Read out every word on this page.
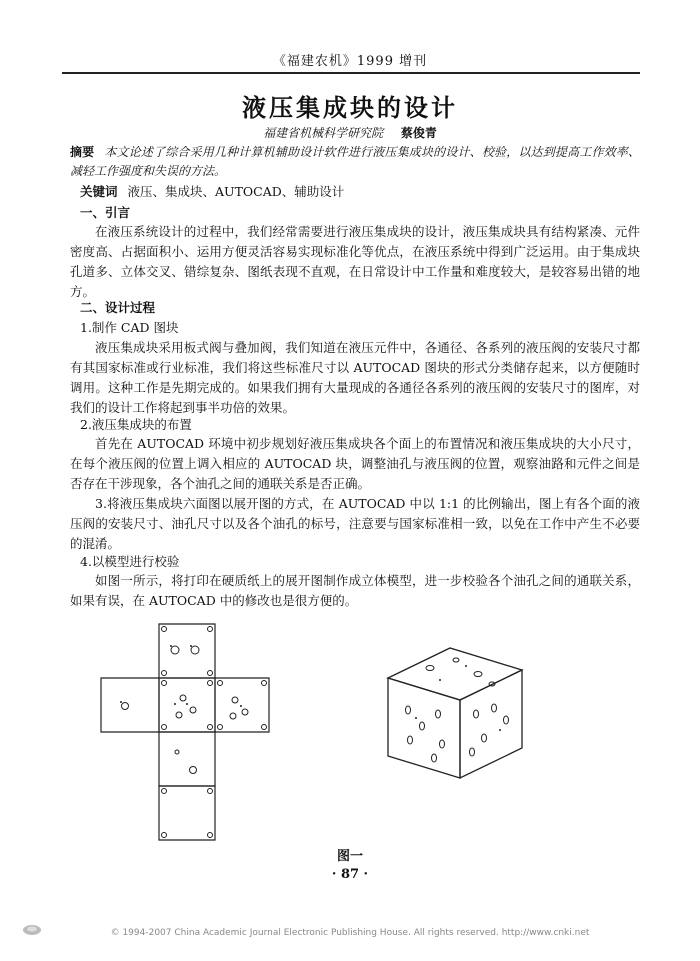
《福建农机》1999 增刊
液压集成块的设计
福建省机械科学研究院 蔡俊青
摘要 本文论述了综合采用几种计算机辅助设计软件进行液压集成块的设计、校验，以达到提高工作效率、减轻工作强度和失误的方法。
关键词 液压、集成块、AUTOCAD、辅助设计
一、引言
在液压系统设计的过程中，我们经常需要进行液压集成块的设计，液压集成块具有结构紧凑、元件密度高、占据面积小、运用方便灵活容易实现标准化等优点，在液压系统中得到广泛运用。由于集成块孔道多、立体交叉、错综复杂、图纸表现不直观，在日常设计中工作量和难度较大，是较容易出错的地方。
二、设计过程
1.制作 CAD 图块
液压集成块采用板式阀与叠加阀，我们知道在液压元件中，各通径、各系列的液压阀的安装尺寸都有其国家标准或行业标准，我们将这些标准尺寸以 AUTOCAD 图块的形式分类储存起来，以方便随时调用。这种工作是先期完成的。如果我们拥有大量现成的各通径各系列的液压阀的安装尺寸的图库，对我们的设计工作将起到事半功倍的效果。
2.液压集成块的布置
首先在 AUTOCAD 环境中初步规划好液压集成块各个面上的布置情况和液压集成块的大小尺寸，在每个液压阀的位置上调入相应的 AUTOCAD 块，调整油孔与液压阀的位置，观察油路和元件之间是否存在干涉现象，各个油孔之间的通联关系是否正确。
3.将液压集成块六面图以展开图的方式，在 AUTOCAD 中以 1:1 的比例输出，图上有各个面的液压阀的安装尺寸、油孔尺寸以及各个油孔的标号，注意要与国家标准相一致，以免在工作中产生不必要的混淆。
4.以模型进行校验
如图一所示，将打印在硬质纸上的展开图制作成立体模型，进一步校验各个油孔之间的通联关系，如果有误，在 AUTOCAD 中的修改也是很方便的。
图一
· 87 ·
© 1994-2007 China Academic Journal Electronic Publishing House. All rights reserved. http://www.cnki.net
